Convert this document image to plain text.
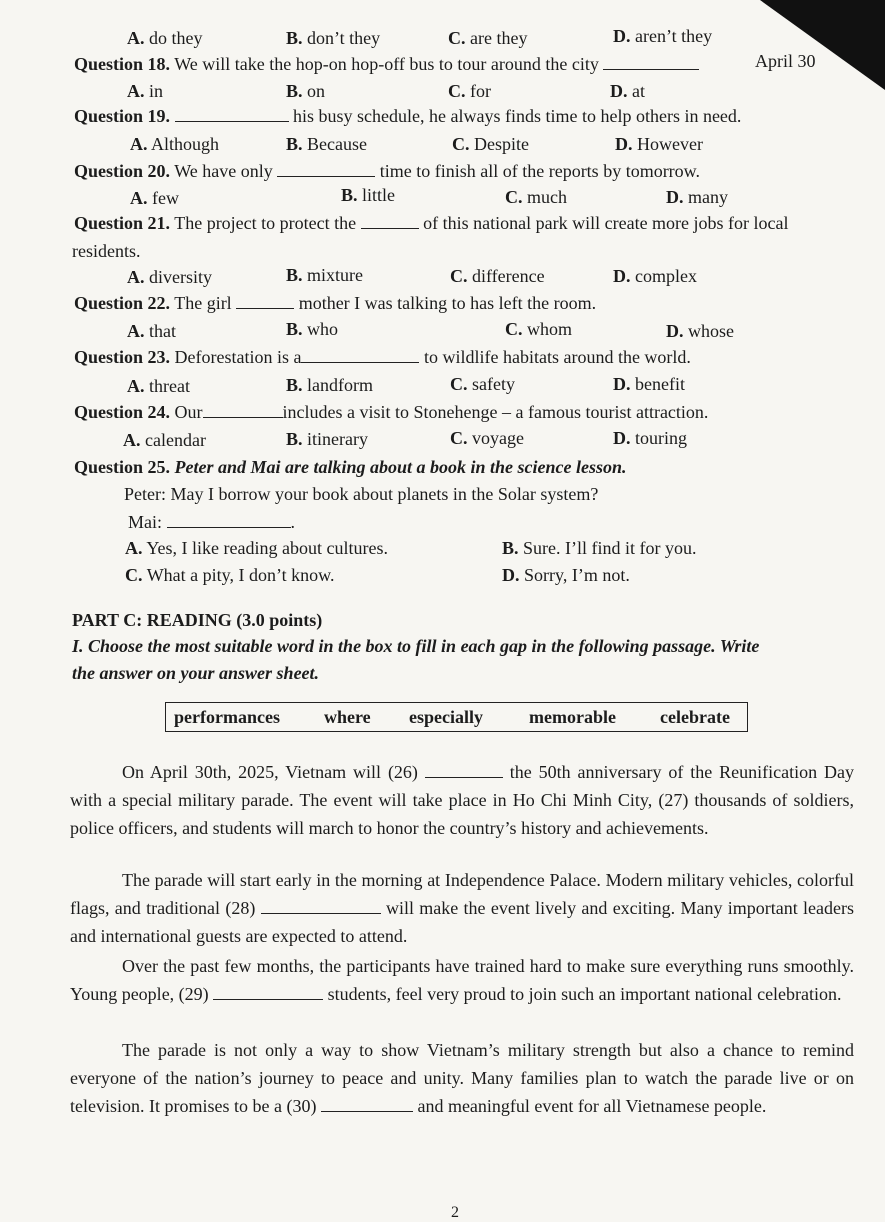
A. do they	B. don’t they	C. are they	D. aren’t they
Question 18. We will take the hop-on hop-off bus to tour around the city	April 30
A. in	B. on	C. for	D. at
Question 19.	his busy schedule, he always finds time to help others in need.
A. Although	B. Because	C. Despite	D. However
Question 20. We have only	time to finish all of the reports by tomorrow.
A. few	B. little	C. much	D. many
Question 21. The project to protect the	of this national park will create more jobs for local
residents.
A. diversity	B. mixture	C. difference	D. complex
Question 22. The girl	mother I was talking to has left the room.
A. that	B. who	C. whom	D. whose
Question 23. Deforestation is a	to wildlife habitats around the world.
A. threat	B. landform	C. safety	D. benefit
Question 24. Our	includes a visit to Stonehenge – a famous tourist attraction.
A. calendar	B. itinerary	C. voyage	D. touring
Question 25. Peter and Mai are talking about a book in the science lesson.
Peter: May I borrow your book about planets in the Solar system?
Mai:	.
A. Yes, I like reading about cultures.	B. Sure. I’ll find it for you.
C. What a pity, I don’t know.	D. Sorry, I’m not.
PART C: READING (3.0 points)
I. Choose the most suitable word in the box to fill in each gap in the following passage. Write
the answer on your answer sheet.
performances where especially	memorable celebrate
On April 30th, 2025, Vietnam will (26)	the 50th anniversary of the Reunification Day with a special military parade. The event will take place in Ho Chi Minh City, (27) thousands of soldiers, police officers, and students will march to honor the country’s history and achievements.
The parade will start early in the morning at Independence Palace. Modern military vehicles, colorful flags, and traditional (28)	will make the event lively and exciting. Many important leaders and international guests are expected to attend.
Over the past few months, the participants have trained hard to make sure everything runs smoothly. Young people, (29)	students, feel very proud to join such an important national celebration.
The parade is not only a way to show Vietnam’s military strength but also a chance to remind everyone of the nation’s journey to peace and unity. Many families plan to watch the parade live or on television. It promises to be a (30)	and meaningful event for all Vietnamese people.
2
